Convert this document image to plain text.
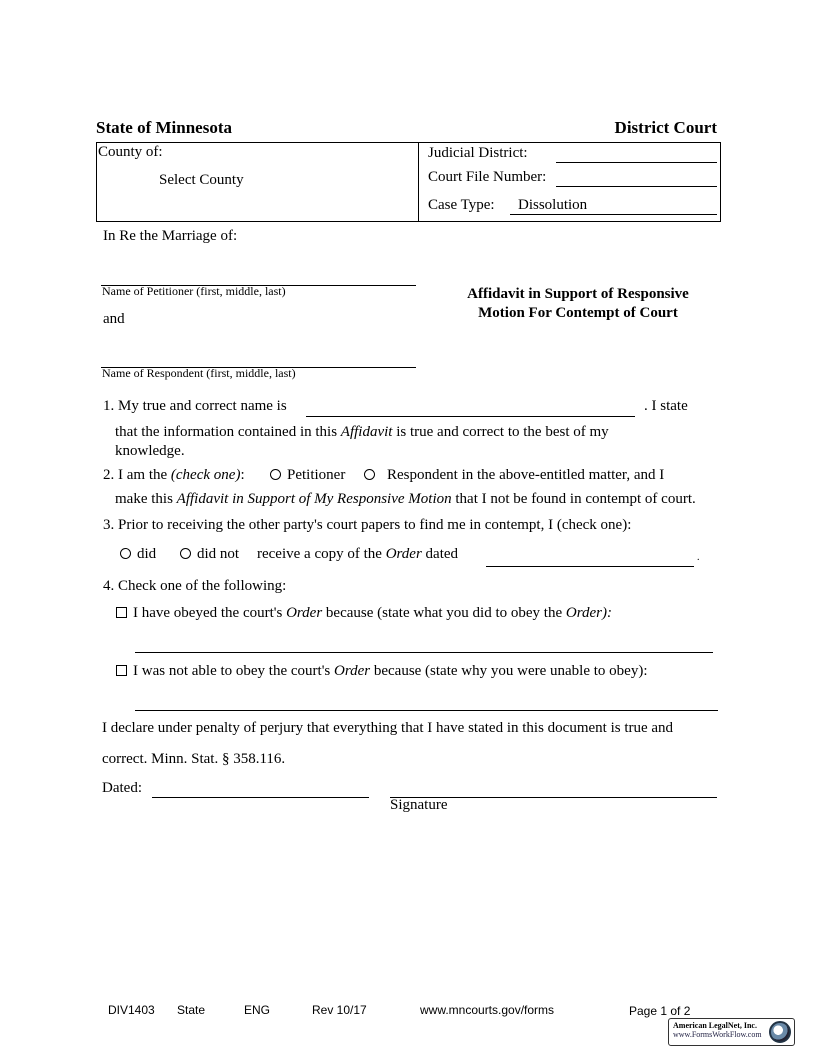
State of Minnesota	District Court
County of:
Select County
Judicial District:
Court File Number:
Case Type: Dissolution
In Re the Marriage of:
Name of Petitioner (first, middle, last)
and
Name of Respondent (first, middle, last)
Affidavit in Support of Responsive
Motion For Contempt of Court
1. My true and correct name is	. I state
that the information contained in this Affidavit is true and correct to the best of my
knowledge.
2. I am the (check one):	Petitioner	Respondent in the above-entitled matter, and I
make this Affidavit in Support of My Responsive Motion that I not be found in contempt of court.
3. Prior to receiving the other party's court papers to find me in contempt, I (check one):
did	did not receive a copy of the Order dated	.
4. Check one of the following:
I have obeyed the court's Order because (state what you did to obey the Order):
I was not able to obey the court's Order because (state why you were unable to obey):
I declare under penalty of perjury that everything that I have stated in this document is true and
correct. Minn. Stat. § 358.116.
Dated:
Signature
DIV1403 State	ENG	Rev 10/17	www.mncourts.gov/forms	Page 1 of 2
American LegalNet, Inc.
www.FormsWorkFlow.com
